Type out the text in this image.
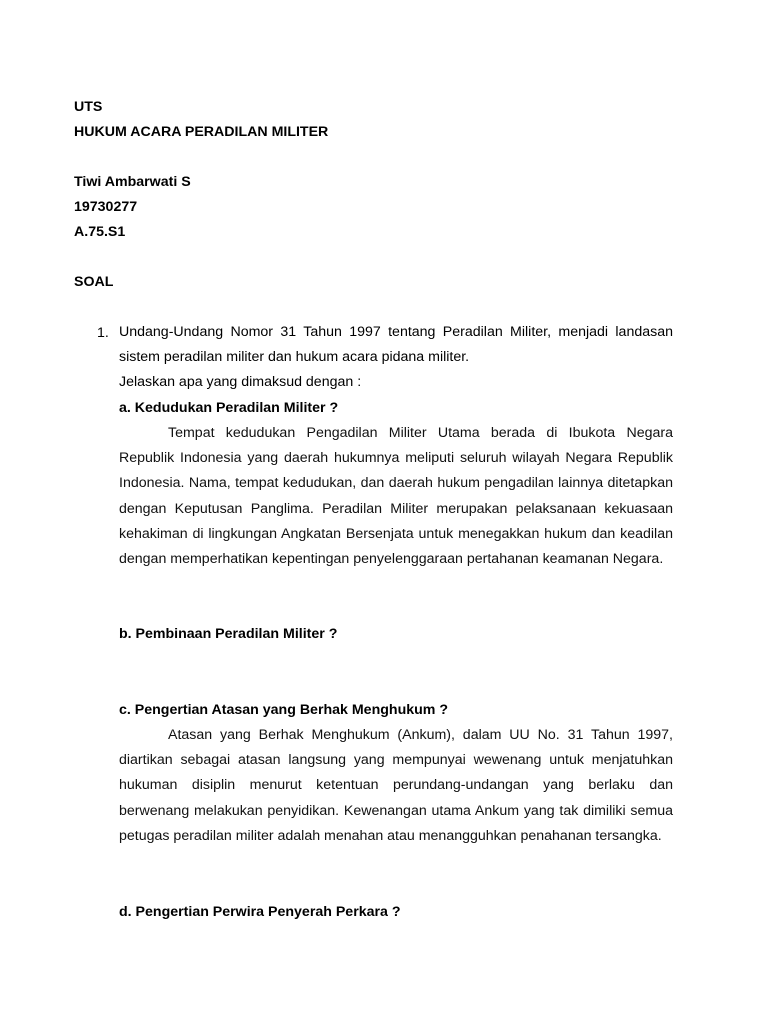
UTS
HUKUM ACARA PERADILAN MILITER
Tiwi Ambarwati S
19730277
A.75.S1
SOAL
1. Undang-Undang Nomor 31 Tahun 1997 tentang Peradilan Militer, menjadi landasan sistem peradilan militer dan hukum acara pidana militer.

Jelaskan apa yang dimaksud dengan :

a. Kedudukan Peradilan Militer ?

Tempat kedudukan Pengadilan Militer Utama berada di Ibukota Negara Republik Indonesia yang daerah hukumnya meliputi seluruh wilayah Negara Republik Indonesia. Nama, tempat kedudukan, dan daerah hukum pengadilan lainnya ditetapkan dengan Keputusan Panglima. Peradilan Militer merupakan pelaksanaan kekuasaan kehakiman di lingkungan Angkatan Bersenjata untuk menegakkan hukum dan keadilan dengan memperhatikan kepentingan penyelenggaraan pertahanan keamanan Negara.

b. Pembinaan Peradilan Militer ?
c. Pengertian Atasan yang Berhak Menghukum ?

Atasan yang Berhak Menghukum (Ankum), dalam UU No. 31 Tahun 1997, diartikan sebagai atasan langsung yang mempunyai wewenang untuk menjatuhkan hukuman disiplin menurut ketentuan perundang-undangan yang berlaku dan berwenang melakukan penyidikan. Kewenangan utama Ankum yang tak dimiliki semua petugas peradilan militer adalah menahan atau menangguhkan penahanan tersangka.

d. Pengertian Perwira Penyerah Perkara ?
